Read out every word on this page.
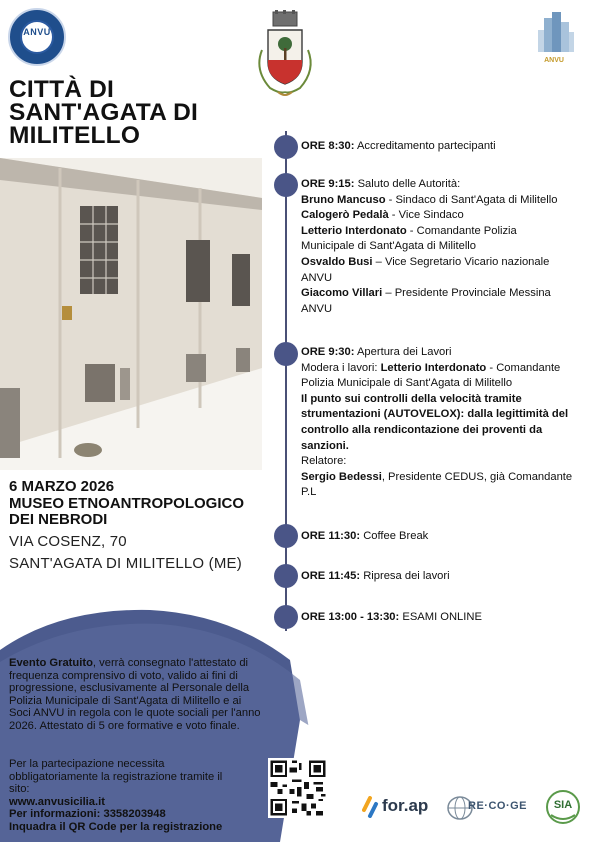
ANVU
ANVU
CITTÀ DI
SANT'AGATA DI
MILITELLO
6 MARZO 2026
MUSEO ETNOANTROPOLOGICO
DEI NEBRODI
VIA COSENZ, 70
SANT'AGATA DI MILITELLO (ME)
ORE 8:30: Accreditamento partecipanti
ORE 9:15: Saluto delle Autorità:
Bruno Mancuso - Sindaco di Sant'Agata di Militello
Calogerò Pedalà - Vice Sindaco
Letterio Interdonato - Comandante Polizia
Municipale di Sant'Agata di Militello
Osvaldo Busi – Vice Segretario Vicario nazionale
ANVU
Giacomo Villari – Presidente Provinciale Messina
ANVU
ORE 9:30: Apertura dei Lavori
Modera i lavori: Letterio Interdonato - Comandante
Polizia Municipale di Sant'Agata di Militello
Il punto sui controlli della velocità tramite
strumentazioni (AUTOVELOX): dalla legittimità del
controllo alla rendicontazione dei proventi da
sanzioni.
Relatore:
Sergio Bedessi, Presidente CEDUS, già Comandante
P.L
ORE 11:30: Coffee Break
ORE 11:45: Ripresa dei lavori
ORE 13:00 - 13:30: ESAMI ONLINE
Evento Gratuito, verrà consegnato l'attestato di frequenza comprensivo di voto, valido ai fini di progressione, esclusivamente al Personale della Polizia Municipale di Sant'Agata di Militello e ai Soci ANVU in regola con le quote sociali per l'anno 2026. Attestato di 5 ore formative e voto finale.
Per la partecipazione necessita
obbligatoriamente la registrazione tramite il
sito:
www.anvusicilia.it
Per informazioni: 3358203948
Inquadra il QR Code per la registrazione
for.ap	RE·CO·GE	SIA
